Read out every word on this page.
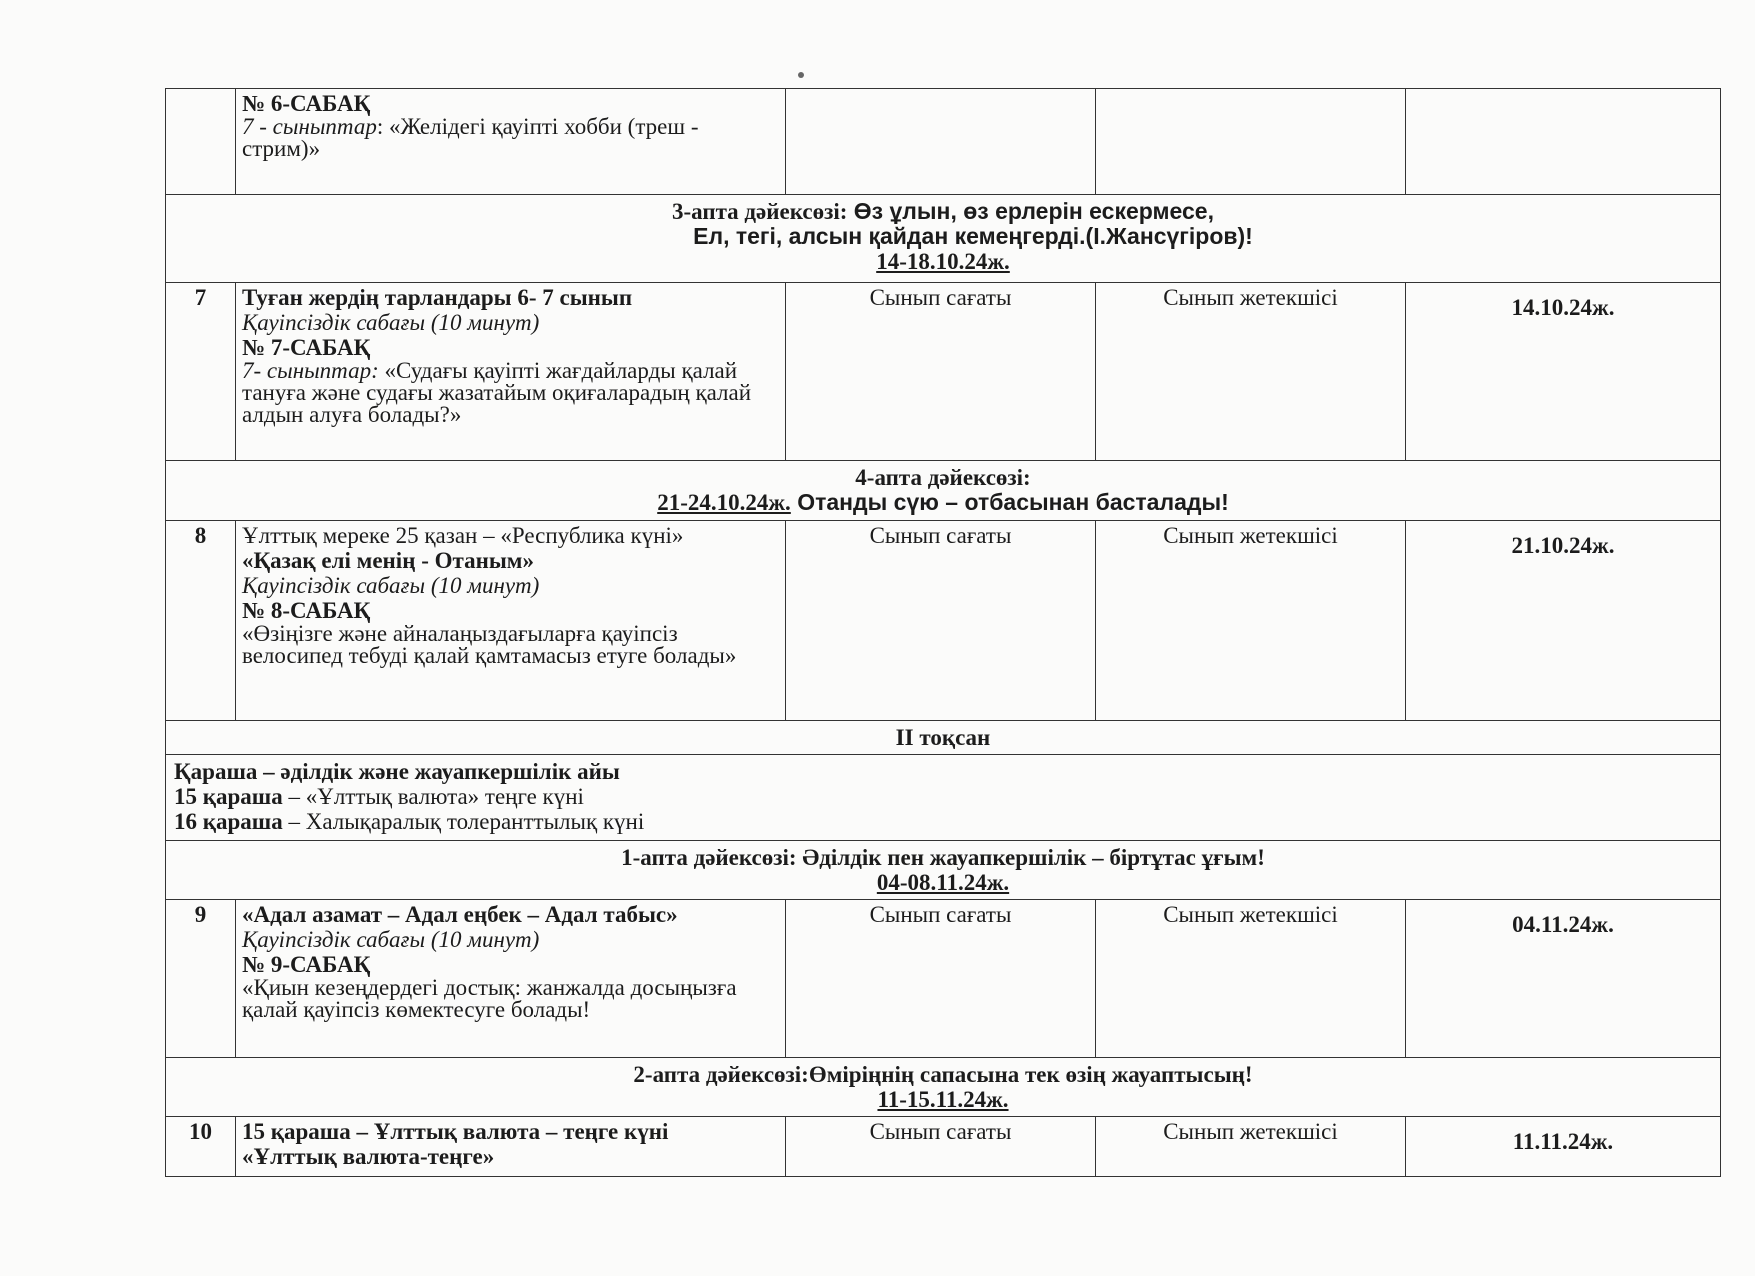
	№ 6-САБАҚ
7 - сыныптар: «Желідегі қауіпті хобби (треш - стрим)»			

3-апта дәйексөзі: Өз ұлын, өз ерлерін ескермесе,
Ел, тегі, алсын қайдан кемеңгерді.(І.Жансүгіров)!
14-18.10.24ж.				

7	Туған жердің тарландары 6- 7 сынып
Қауіпсіздік сабағы (10 минут)
№ 7-САБАҚ
7- сыныптар: «Судағы қауіпті жағдайларды қалай тануға және судағы жазатайым оқиғаларадың қалай алдын алуға болады?»	Сынып сағаты	Сынып жетекшісі	14.10.24ж.

4-апта дәйексөзі:
21-24.10.24ж. Отанды сүю – отбасынан басталады!				

8	Ұлттық мереке 25 қазан – «Республика күні»
«Қазақ елі менің - Отаным»
Қауіпсіздік сабағы (10 минут)
№ 8-САБАҚ
«Өзіңізге және айналаңыздағыларға қауіпсіз велосипед тебуді қалай қамтамасыз етуге болады»	Сынып сағаты	Сынып жетекшісі	21.10.24ж.
ІІ тоқсан				

Қараша – әділдік және жауапкершілік айы
15 қараша – «Ұлттық валюта» теңге күні
16 қараша – Халықаралық толеранттылық күні				

1-апта дәйексөзі: Әділдік пен жауапкершілік – біртұтас ұғым!
04-08.11.24ж.				

9	«Адал азамат – Адал еңбек – Адал табыс»
Қауіпсіздік сабағы (10 минут)
№ 9-САБАҚ
«Қиын кезеңдердегі достық: жанжалда досыңызға қалай қауіпсіз көмектесуге болады!	Сынып сағаты	Сынып жетекшісі	04.11.24ж.

2-апта дәйексөзі:Өміріңнің сапасына тек өзің жауаптысың!
11-15.11.24ж.				

10	15 қараша – Ұлттық валюта – теңге күні
«Ұлттық валюта-теңге»	Сынып сағаты	Сынып жетекшісі	11.11.24ж.
